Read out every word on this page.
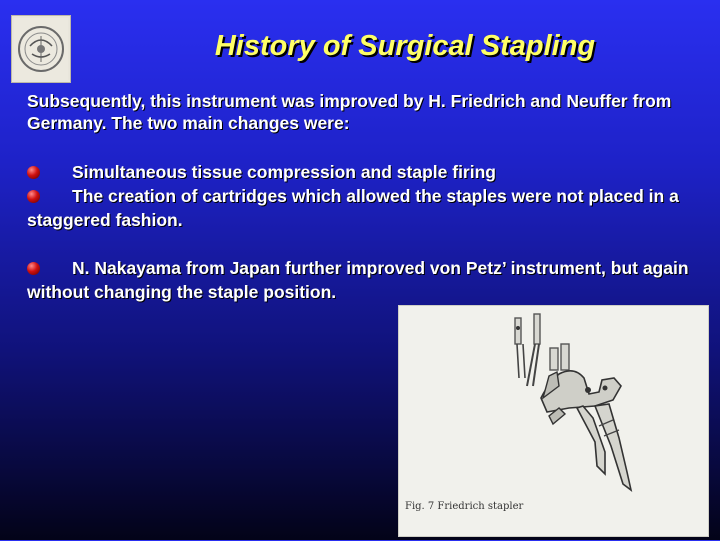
History of Surgical Stapling
Subsequently, this instrument was improved by H. Friedrich and Neuffer from Germany. The two main changes were:
Simultaneous tissue compression and staple firing
The creation of cartridges which allowed the staples were not placed in a staggered fashion.
N. Nakayama from Japan further improved von Petz’ instrument, but again without changing the staple position.
Fig. 7 Friedrich stapler
